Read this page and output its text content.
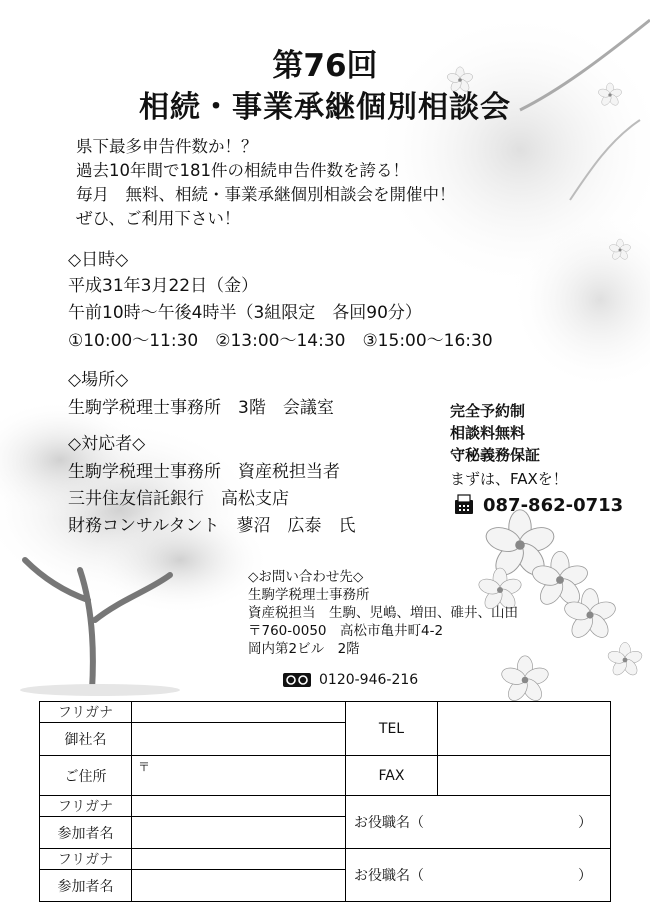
第76回
相続・事業承継個別相談会
県下最多申告件数か！？
過去10年間で181件の相続申告件数を誇る！
毎月　無料、相続・事業承継個別相談会を開催中！
ぜひ、ご利用下さい！
◇日時◇
平成31年3月22日（金）
午前10時〜午後4時半（3組限定　各回90分）
①10:00〜11:30　②13:00〜14:30　③15:00〜16:30
◇場所◇
生駒学税理士事務所　3階　会議室
◇対応者◇
生駒学税理士事務所　資産税担当者
三井住友信託銀行　高松支店
財務コンサルタント　蓼沼　広泰　氏
完全予約制
相談料無料
守秘義務保証
まずは、FAXを！
087-862-0713
◇お問い合わせ先◇
生駒学税理士事務所
資産税担当　生駒、児嶋、増田、碓井、山田
〒760-0050　高松市亀井町4-2
岡内第2ビル　2階
0120-946-216
フリガナ		TEL	
御社名			
ご住所	〒	FAX	
フリガナ		お役職名（ ）	

参加者名			
フリガナ		お役職名（ ）	

参加者名			
